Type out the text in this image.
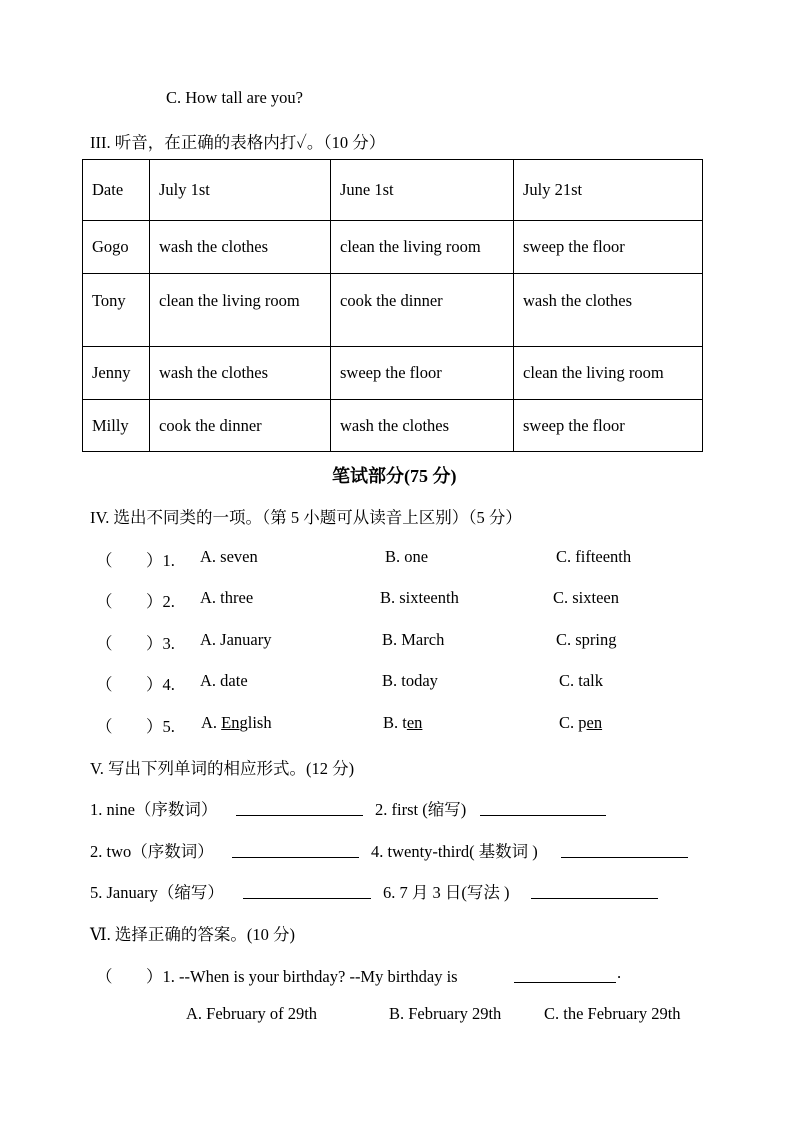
C. How tall are you?
III. 听音，在正确的表格内打✓。（10 分）
Date	July 1st	June 1st	July 21st
Gogo	wash the clothes	clean the living room	sweep the floor
Tony	clean the living room	cook the dinner	wash the clothes
Jenny	wash the clothes	sweep the floor	clean the living room
Milly	cook the dinner	wash the clothes	sweep the floor
笔试部分(75 分)
IV. 选出不同类的一项。（第 5 小题可从读音上区别）（5 分）
（ ）1. A. seven	B. one	C. fifteenth
（ ）2. A. three	B. sixteenth	C. sixteen
（ ）3. A. January	B. March	C. spring
（ ）4. A. date	B. today	C. talk
（ ）5. A. English	B. ten	C. pen
V. 写出下列单词的相应形式。(12 分)
1. nine（序数词）	2. first (缩写)
2. two（序数词）	4. twenty-third( 基数词 )
5. January（缩写）	6. 7 月 3 日(写法 )
Ⅵ. 选择正确的答案。(10 分)
（ ）1. --When is your birthday? --My birthday is	.
A. February of 29th	B. February 29th	C. the February 29th
